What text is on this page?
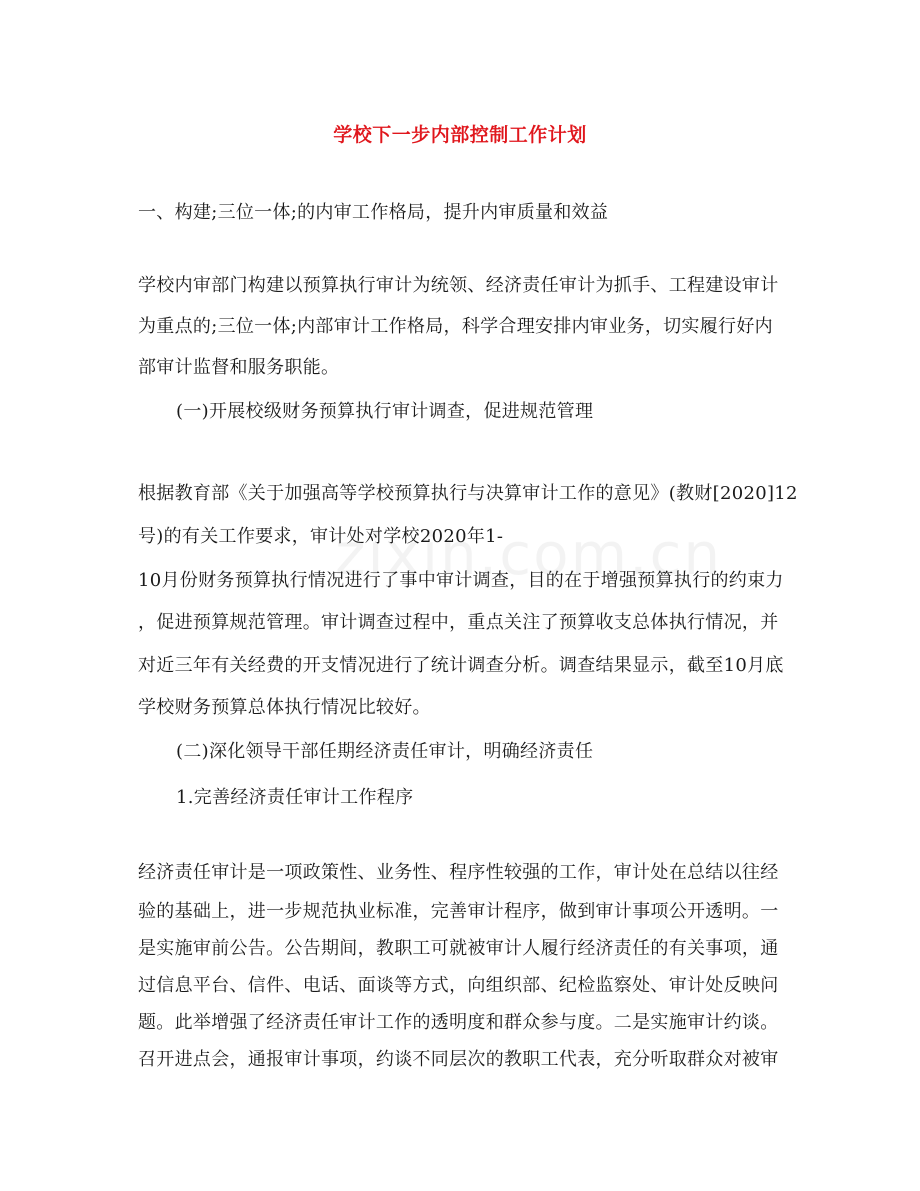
学校下一步内部控制工作计划
一、构建;三位一体;的内审工作格局，提升内审质量和效益
学校内审部门构建以预算执行审计为统领、经济责任审计为抓手、工程建设审计
为重点的;三位一体;内部审计工作格局，科学合理安排内审业务，切实履行好内
部审计监督和服务职能。
(一)开展校级财务预算执行审计调查，促进规范管理
根据教育部《关于加强高等学校预算执行与决算审计工作的意见》(教财[2020]12
号)的有关工作要求，审计处对学校2020年1-
10月份财务预算执行情况进行了事中审计调查，目的在于增强预算执行的约束力
，促进预算规范管理。审计调查过程中，重点关注了预算收支总体执行情况，并
对近三年有关经费的开支情况进行了统计调查分析。调查结果显示，截至10月底
学校财务预算总体执行情况比较好。
(二)深化领导干部任期经济责任审计，明确经济责任
1.完善经济责任审计工作程序
经济责任审计是一项政策性、业务性、程序性较强的工作，审计处在总结以往经
验的基础上，进一步规范执业标准，完善审计程序，做到审计事项公开透明。一
是实施审前公告。公告期间，教职工可就被审计人履行经济责任的有关事项，通
过信息平台、信件、电话、面谈等方式，向组织部、纪检监察处、审计处反映问
题。此举增强了经济责任审计工作的透明度和群众参与度。二是实施审计约谈。
召开进点会，通报审计事项，约谈不同层次的教职工代表，充分听取群众对被审
